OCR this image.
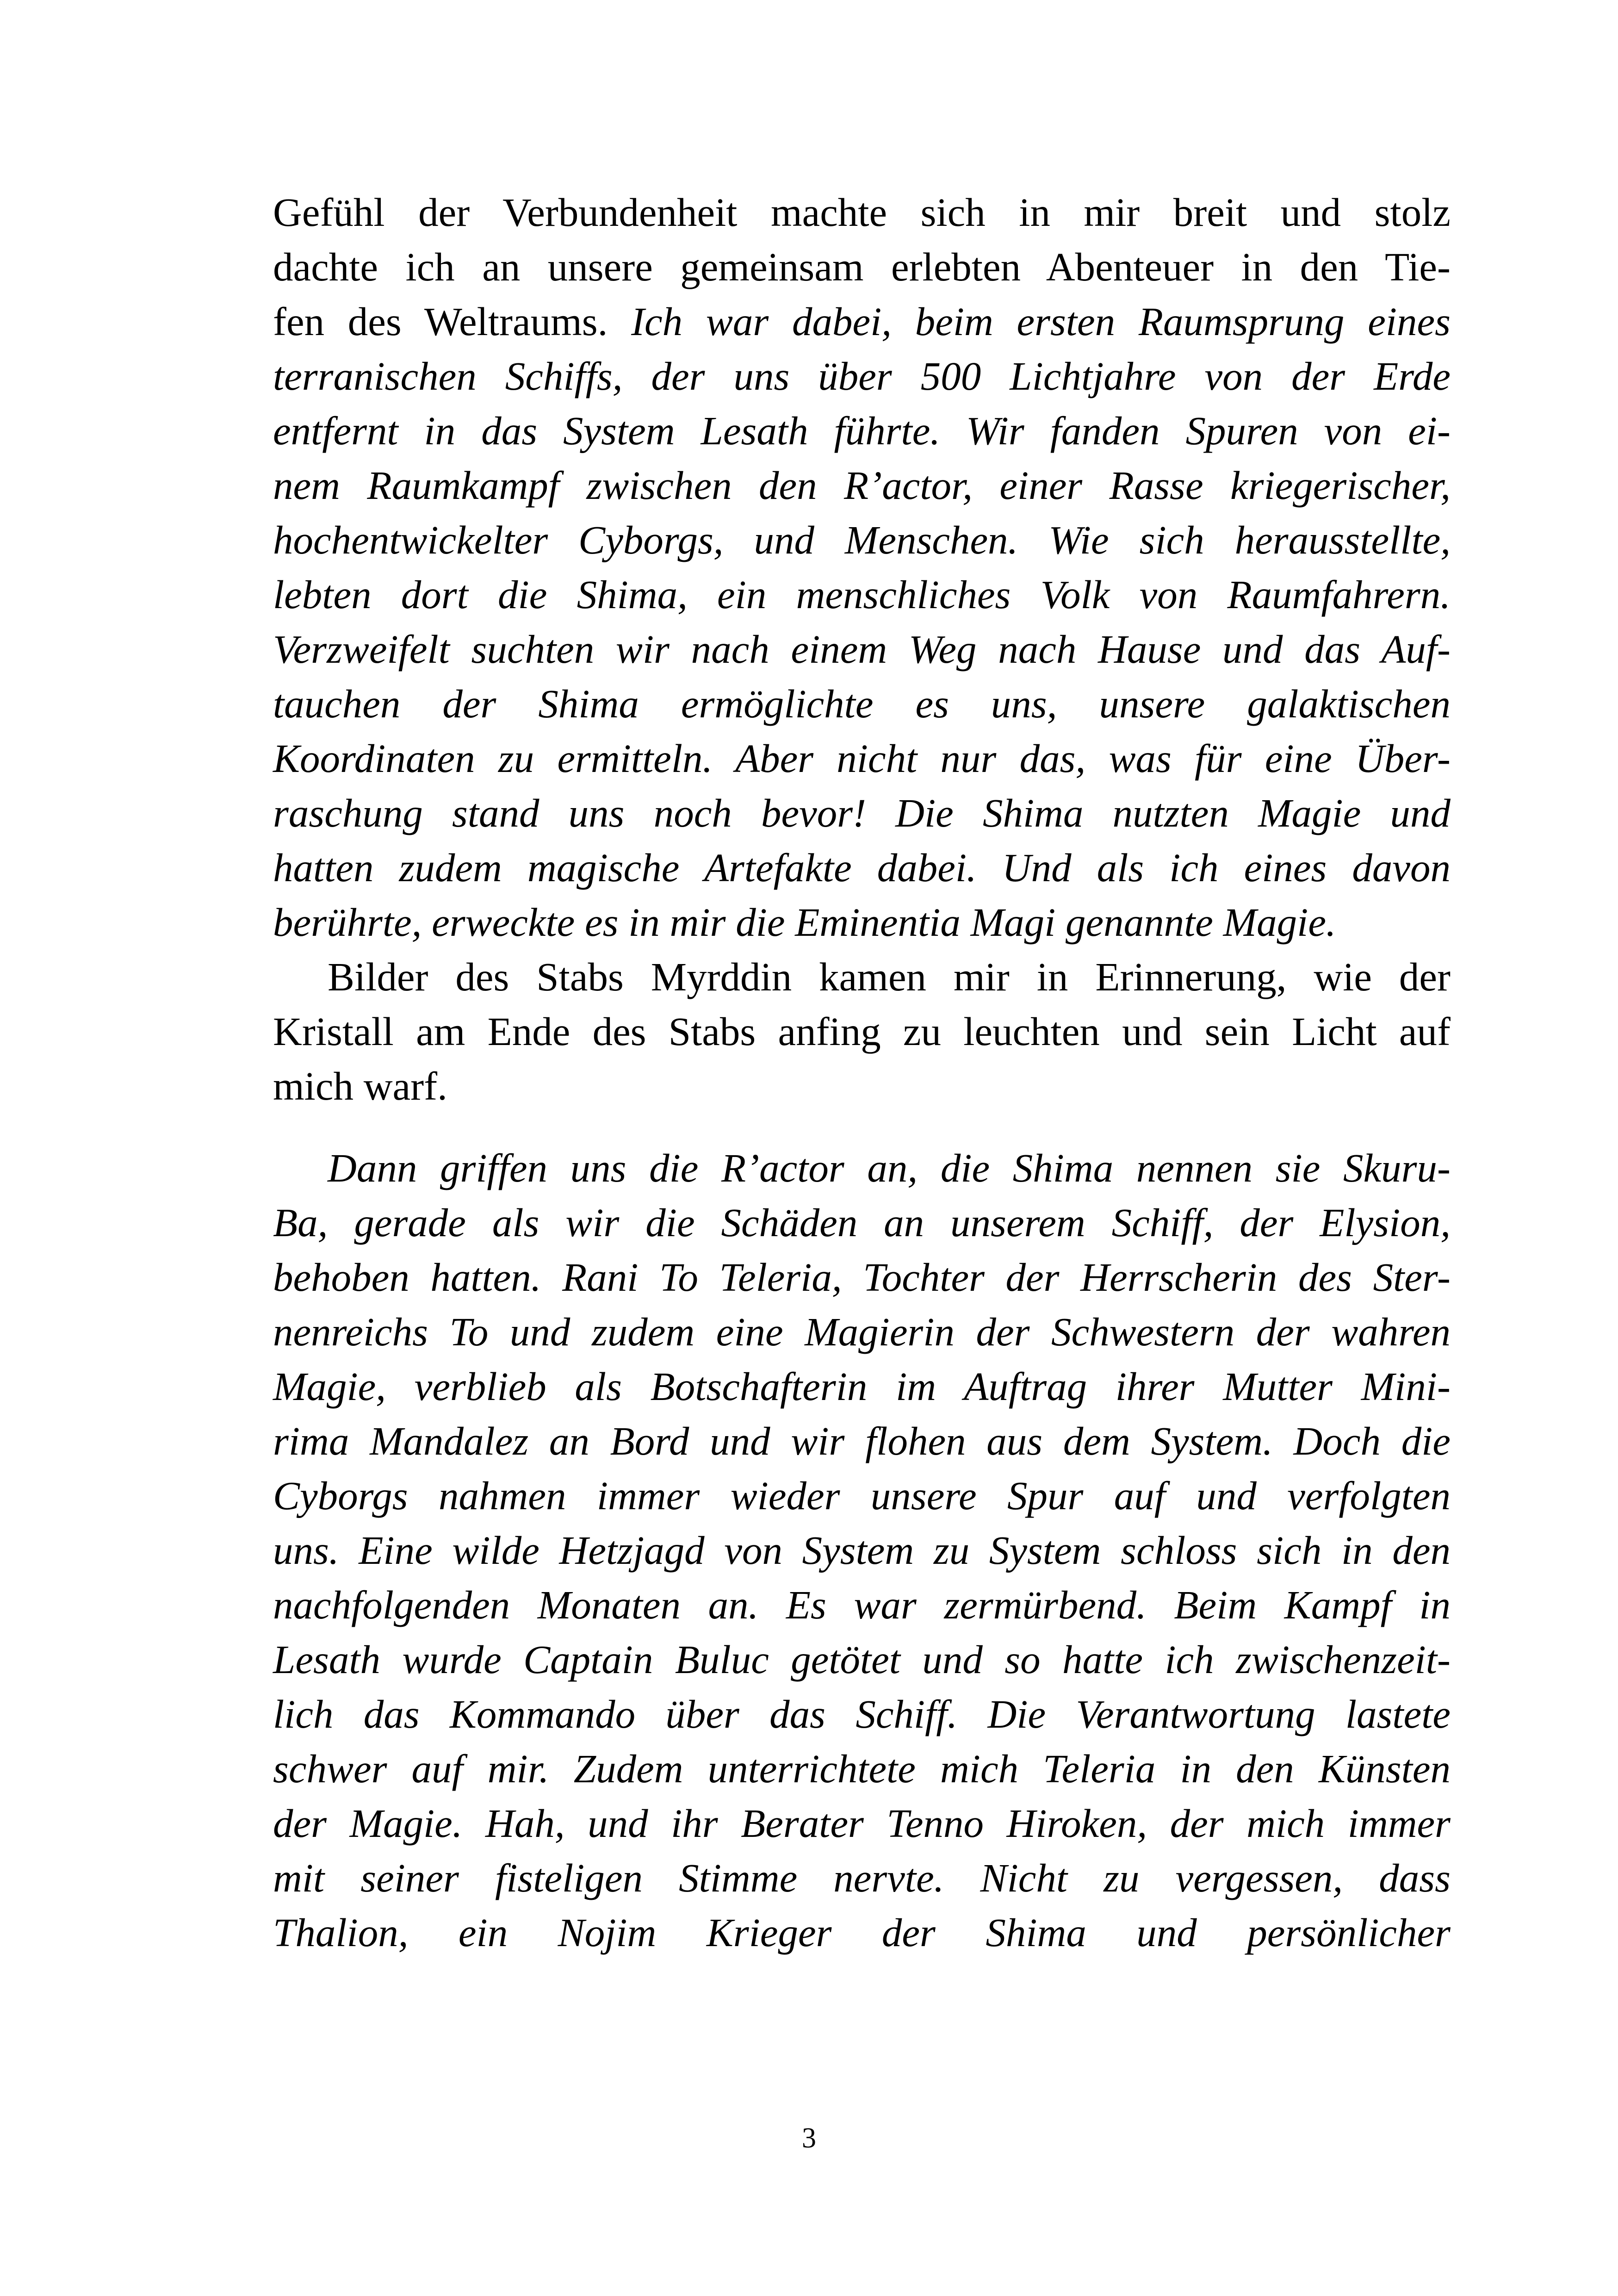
Gefühl der Verbundenheit machte sich in mir breit und stolz
dachte ich an unsere gemeinsam erlebten Abenteuer in den Tie-
fen des Weltraums. Ich war dabei, beim ersten Raumsprung eines
terranischen Schiffs, der uns über 500 Lichtjahre von der Erde
entfernt in das System Lesath führte. Wir fanden Spuren von ei-
nem Raumkampf zwischen den R’actor, einer Rasse kriegerischer,
hochentwickelter Cyborgs, und Menschen. Wie sich herausstellte,
lebten dort die Shima, ein menschliches Volk von Raumfahrern.
Verzweifelt suchten wir nach einem Weg nach Hause und das Auf-
tauchen der Shima ermöglichte es uns, unsere galaktischen
Koordinaten zu ermitteln. Aber nicht nur das, was für eine Über-
raschung stand uns noch bevor! Die Shima nutzten Magie und
hatten zudem magische Artefakte dabei. Und als ich eines davon
berührte, erweckte es in mir die Eminentia Magi genannte Magie.
Bilder des Stabs Myrddin kamen mir in Erinnerung, wie der
Kristall am Ende des Stabs anfing zu leuchten und sein Licht auf
mich warf.
Dann griffen uns die R’actor an, die Shima nennen sie Skuru-
Ba, gerade als wir die Schäden an unserem Schiff, der Elysion,
behoben hatten. Rani To Teleria, Tochter der Herrscherin des Ster-
nenreichs To und zudem eine Magierin der Schwestern der wahren
Magie, verblieb als Botschafterin im Auftrag ihrer Mutter Mini-
rima Mandalez an Bord und wir flohen aus dem System. Doch die
Cyborgs nahmen immer wieder unsere Spur auf und verfolgten
uns. Eine wilde Hetzjagd von System zu System schloss sich in den
nachfolgenden Monaten an. Es war zermürbend. Beim Kampf in
Lesath wurde Captain Buluc getötet und so hatte ich zwischenzeit-
lich das Kommando über das Schiff. Die Verantwortung lastete
schwer auf mir. Zudem unterrichtete mich Teleria in den Künsten
der Magie. Hah, und ihr Berater Tenno Hiroken, der mich immer
mit seiner fisteligen Stimme nervte. Nicht zu vergessen, dass
Thalion, ein Nojim Krieger der Shima und persönlicher
3
